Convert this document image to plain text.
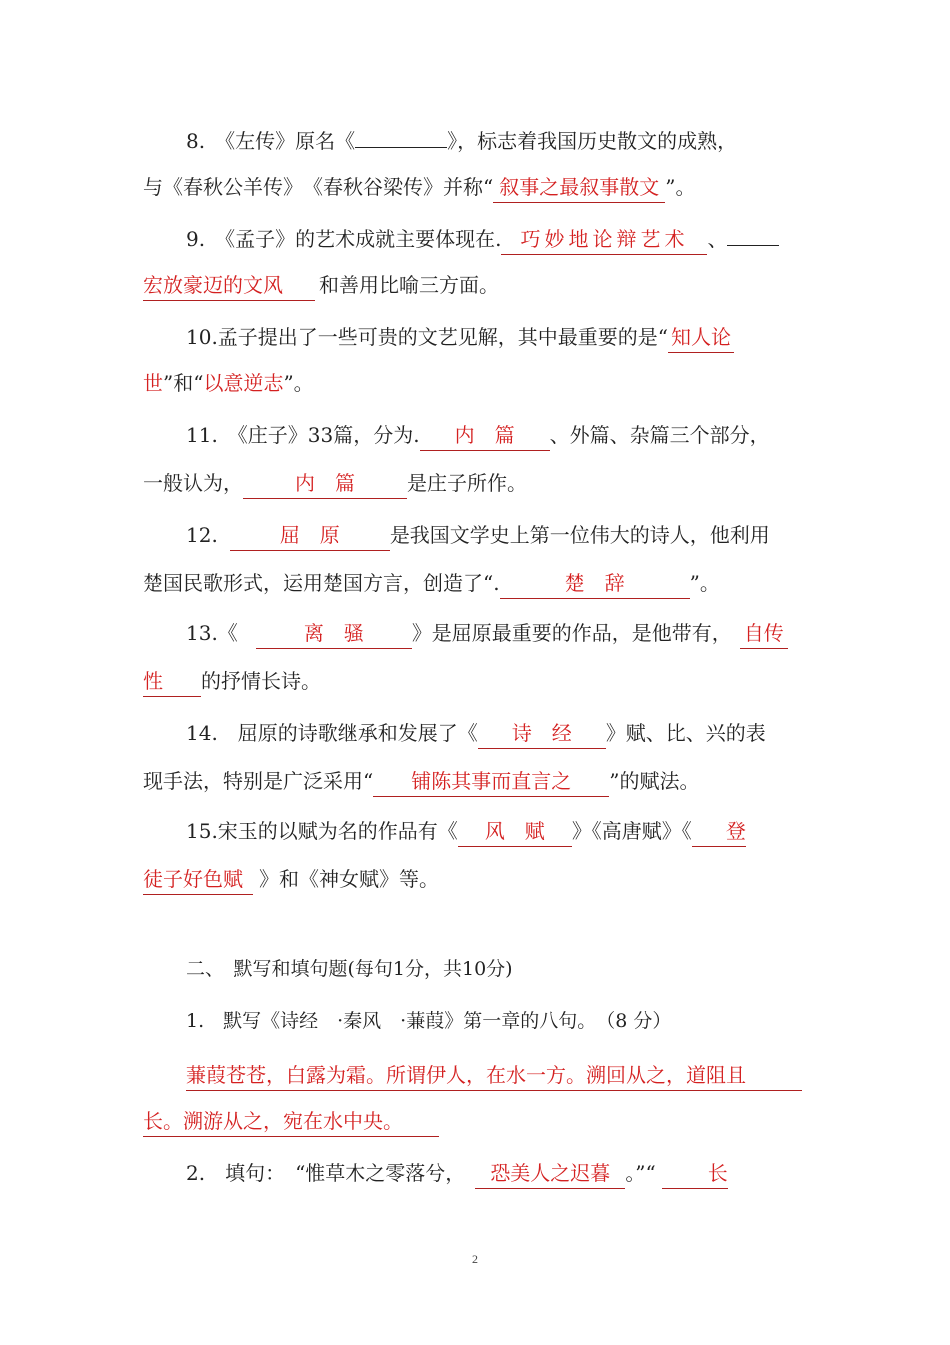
8.　《左传》原名《	》，标志着我国历史散文的成熟，
与《春秋公羊传》　《春秋谷梁传》并称“ 叙事之最叙事散文 ”。
9.　《孟子》的艺术成就主要体现在. 巧妙地论辩艺术 、
宏放豪迈的文风 和善用比喻三方面。
10.孟子提出了一些可贵的文艺见解，其中最重要的是“ 知人论
世”和“以意逆志”。
11.　《庄子》33篇，分为. 内　篇 、外篇、杂篇三个部分，
一般认为，	内　篇	是庄子所作。
12.	屈　原	是我国文学史上第一位伟大的诗人，他利用
楚国民歌形式，运用楚国方言，创造了“.	楚　辞	”。
13.《	离　骚 》是屈原最重要的作品，是他带有， 自传
性 的抒情长诗。
14.　屈原的诗歌继承和发展了《 诗　经 》赋、比、兴的表
现手法，特别是广泛采用“ 铺陈其事而直言之 ”的赋法。
15.宋玉的以赋为名的作品有《 风　赋 》《高唐赋》《 登
徒子好色赋 》和《神女赋》等。
二、　默写和填句题(每句1分，共10分)
1.　默写《诗经　·秦风　·蒹葭》第一章的八句。　（8 分）
蒹葭苍苍，白露为霜。所谓伊人，在水一方。溯回从之，道阻且
长。溯游从之，宛在水中央。
2.　填句：　“惟草木之零落兮， 恐美人之迟暮 。”“	长
2
